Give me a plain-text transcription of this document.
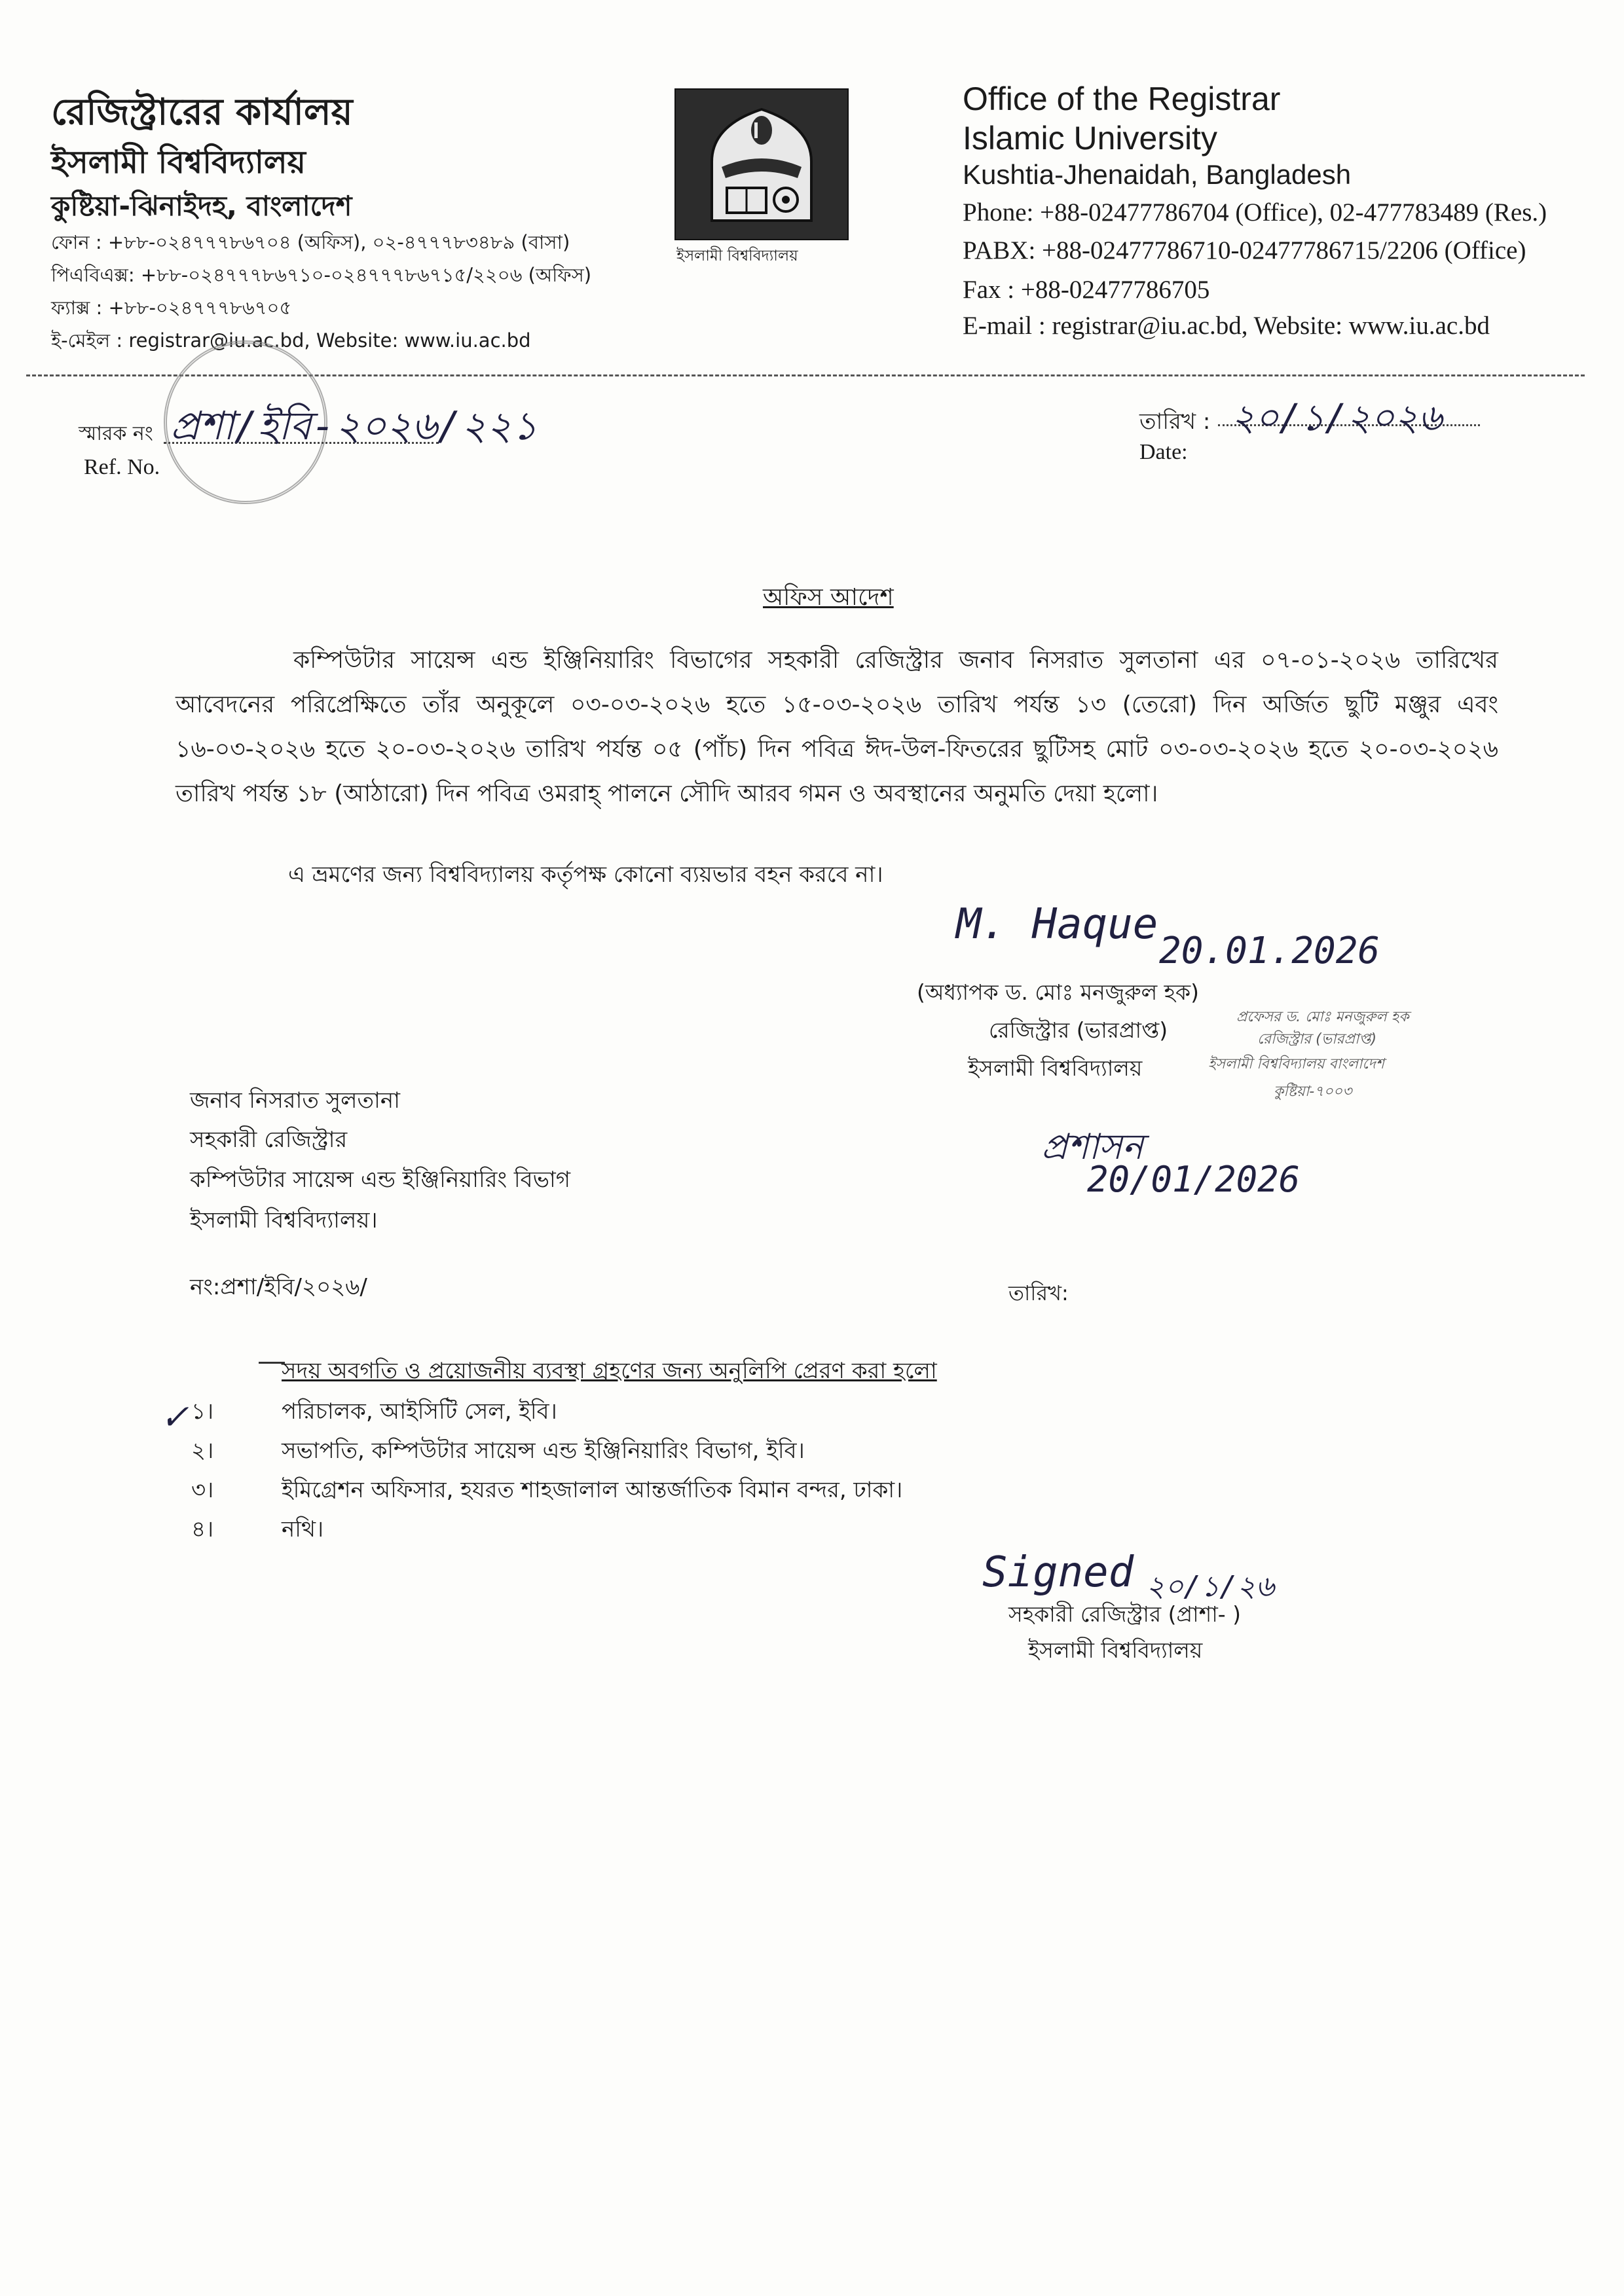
রেজিস্ট্রারের কার্যালয়
ইসলামী বিশ্ববিদ্যালয়
কুষ্টিয়া-ঝিনাইদহ, বাংলাদেশ
ফোন : +৮৮-০২৪৭৭৭৮৬৭০৪ (অফিস), ০২-৪৭৭৭৮৩৪৮৯ (বাসা)
পিএবিএক্স: +৮৮-০২৪৭৭৭৮৬৭১০-০২৪৭৭৭৮৬৭১৫/২২০৬ (অফিস)
ফ্যাক্স : +৮৮-০২৪৭৭৭৮৬৭০৫
ই-মেইল : registrar@iu.ac.bd, Website: www.iu.ac.bd
ইসলামী বিশ্ববিদ্যালয়
Office of the Registrar
Islamic University
Kushtia-Jhenaidah, Bangladesh
Phone: +88-02477786704 (Office), 02-477783489 (Res.)
PABX: +88-02477786710-02477786715/2206 (Office)
Fax : +88-02477786705
E-mail : registrar@iu.ac.bd, Website: www.iu.ac.bd
স্মারক নং
Ref. No.
প্রশা/ইবি-২০২৬/২২১	তারিখ :
Date:
২০/১/২০২৬
অফিস আদেশ
কম্পিউটার সায়েন্স এন্ড ইঞ্জিনিয়ারিং বিভাগের সহকারী রেজিস্ট্রার জনাব নিসরাত সুলতানা এর ০৭-০১-২০২৬ তারিখের আবেদনের পরিপ্রেক্ষিতে তাঁর অনুকূলে ০৩-০৩-২০২৬ হতে ১৫-০৩-২০২৬ তারিখ পর্যন্ত ১৩ (তেরো) দিন অর্জিত ছুটি মঞ্জুর এবং ১৬-০৩-২০২৬ হতে ২০-০৩-২০২৬ তারিখ পর্যন্ত ০৫ (পাঁচ) দিন পবিত্র ঈদ-উল-ফিতরের ছুটিসহ মোট ০৩-০৩-২০২৬ হতে ২০-০৩-২০২৬ তারিখ পর্যন্ত ১৮ (আঠারো) দিন পবিত্র ওমরাহ্ পালনে সৌদি আরব গমন ও অবস্থানের অনুমতি দেয়া হলো।
এ ভ্রমণের জন্য বিশ্ববিদ্যালয় কর্তৃপক্ষ কোনো ব্যয়ভার বহন করবে না।
M. Haque
20.01.2026
(অধ্যাপক ড. মোঃ মনজুরুল হক)
রেজিস্ট্রার (ভারপ্রাপ্ত)
ইসলামী বিশ্ববিদ্যালয়
প্রফেসর ড. মোঃ মনজুরুল হক
রেজিস্ট্রার (ভারপ্রাপ্ত)
ইসলামী বিশ্ববিদ্যালয় বাংলাদেশ
কুষ্টিয়া-৭০০৩
প্রশাসন
20/01/2026
জনাব নিসরাত সুলতানা
সহকারী রেজিস্ট্রার
কম্পিউটার সায়েন্স এন্ড ইঞ্জিনিয়ারিং বিভাগ
ইসলামী বিশ্ববিদ্যালয়।
নং:প্রশা/ইবি/২০২৬/	তারিখ:
সদয় অবগতি ও প্রয়োজনীয় ব্যবস্থা গ্রহণের জন্য অনুলিপি প্রেরণ করা হলো
✓ ১।	পরিচালক, আইসিটি সেল, ইবি।
২।	সভাপতি, কম্পিউটার সায়েন্স এন্ড ইঞ্জিনিয়ারিং বিভাগ, ইবি।
৩।	ইমিগ্রেশন অফিসার, হযরত শাহজালাল আন্তর্জাতিক বিমান বন্দর, ঢাকা।
৪।	নথি।
Signed ২০/১/২৬
সহকারী রেজিস্ট্রার (প্রাশা- )
ইসলামী বিশ্ববিদ্যালয়
